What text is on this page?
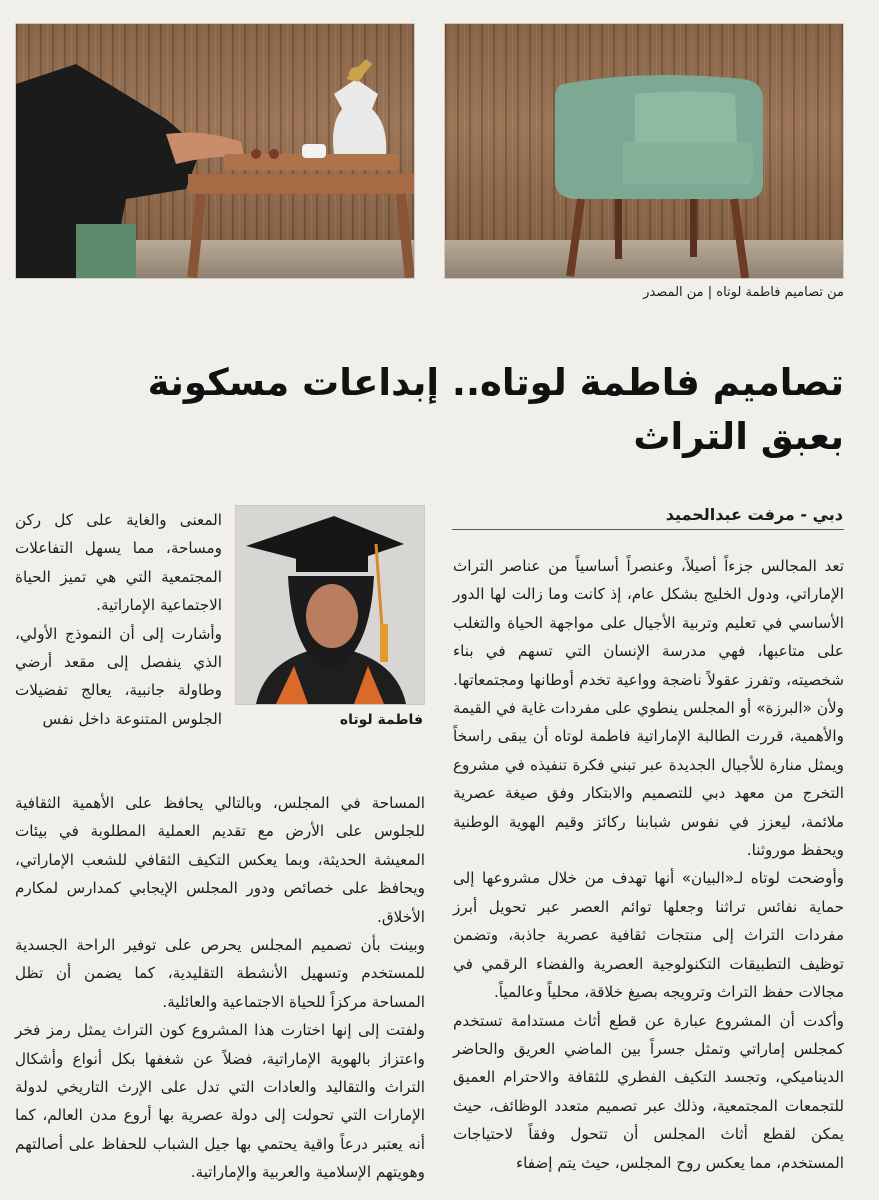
من تصاميم فاطمة لوتاه | من المصدر
تصاميم فاطمة لوتاه.. إبداعات مسكونة
بعبق التراث
دبي - مرفت عبدالحميد
فاطمة لوتاه

تعد المجالس جزءاً أصيلاً، وعنصراً أساسياً من عناصر التراث الإماراتي، ودول الخليج بشكل عام، إذ كانت وما زالت لها الدور الأساسي في تعليم وتربية الأجيال على مواجهة الحياة والتغلب على متاعبها، فهي مدرسة الإنسان التي تسهم في بناء شخصيته، وتفرز عقولاً ناضجة وواعية تخدم أوطانها ومجتمعاتها. ولأن «البرزة» أو المجلس ينطوي على مفردات غاية في القيمة والأهمية، قررت الطالبة الإماراتية فاطمة لوتاه أن يبقى راسخاً ويمثل منارة للأجيال الجديدة عبر تبني فكرة تنفيذه في مشروع التخرج من معهد دبي للتصميم والابتكار وفق صيغة عصرية ملائمة، ليعزز في نفوس شبابنا ركائز وقيم الهوية الوطنية ويحفظ موروثنا.

وأوضحت لوتاه لـ«البيان» أنها تهدف من خلال مشروعها إلى حماية نفائس تراثنا وجعلها توائم العصر عبر تحويل أبرز مفردات التراث إلى منتجات ثقافية عصرية جاذبة، وتضمن توظيف التطبيقات التكنولوجية العصرية والفضاء الرقمي في مجالات حفظ التراث وترويجه بصيغ خلاقة، محلياً وعالمياً.

وأكدت أن المشروع عبارة عن قطع أثاث مستدامة تستخدم كمجلس إماراتي وتمثل جسراً بين الماضي العريق والحاضر الديناميكي، وتجسد التكيف الفطري للثقافة والاحترام العميق للتجمعات المجتمعية، وذلك عبر تصميم متعدد الوظائف، حيث يمكن لقطع أثاث المجلس أن تتحول وفقاً لاحتياجات المستخدم، مما يعكس روح المجلس، حيث يتم إضفاء

المعنى والغاية على كل ركن ومساحة، مما يسهل التفاعلات المجتمعية التي هي تميز الحياة الاجتماعية الإماراتية.

وأشارت إلى أن النموذج الأولي، الذي ينفصل إلى مقعد أرضي وطاولة جانبية، يعالج تفضيلات الجلوس المتنوعة داخل نفس

المساحة في المجلس، وبالتالي يحافظ على الأهمية الثقافية للجلوس على الأرض مع تقديم العملية المطلوبة في بيئات المعيشة الحديثة، وبما يعكس التكيف الثقافي للشعب الإماراتي، ويحافظ على خصائص ودور المجلس الإيجابي كمدارس لمكارم الأخلاق.

وبينت بأن تصميم المجلس يحرص على توفير الراحة الجسدية للمستخدم وتسهيل الأنشطة التقليدية، كما يضمن أن تظل المساحة مركزاً للحياة الاجتماعية والعائلية.

ولفتت إلى إنها اختارت هذا المشروع كون التراث يمثل رمز فخر واعتزاز بالهوية الإماراتية، فضلاً عن شغفها بكل أنواع وأشكال التراث والتقاليد والعادات التي تدل على الإرث التاريخي لدولة الإمارات التي تحولت إلى دولة عصرية بها أروع مدن العالم، كما أنه يعتبر درعاً واقية يحتمي بها جيل الشباب للحفاظ على أصالتهم وهويتهم الإسلامية والعربية والإماراتية.
